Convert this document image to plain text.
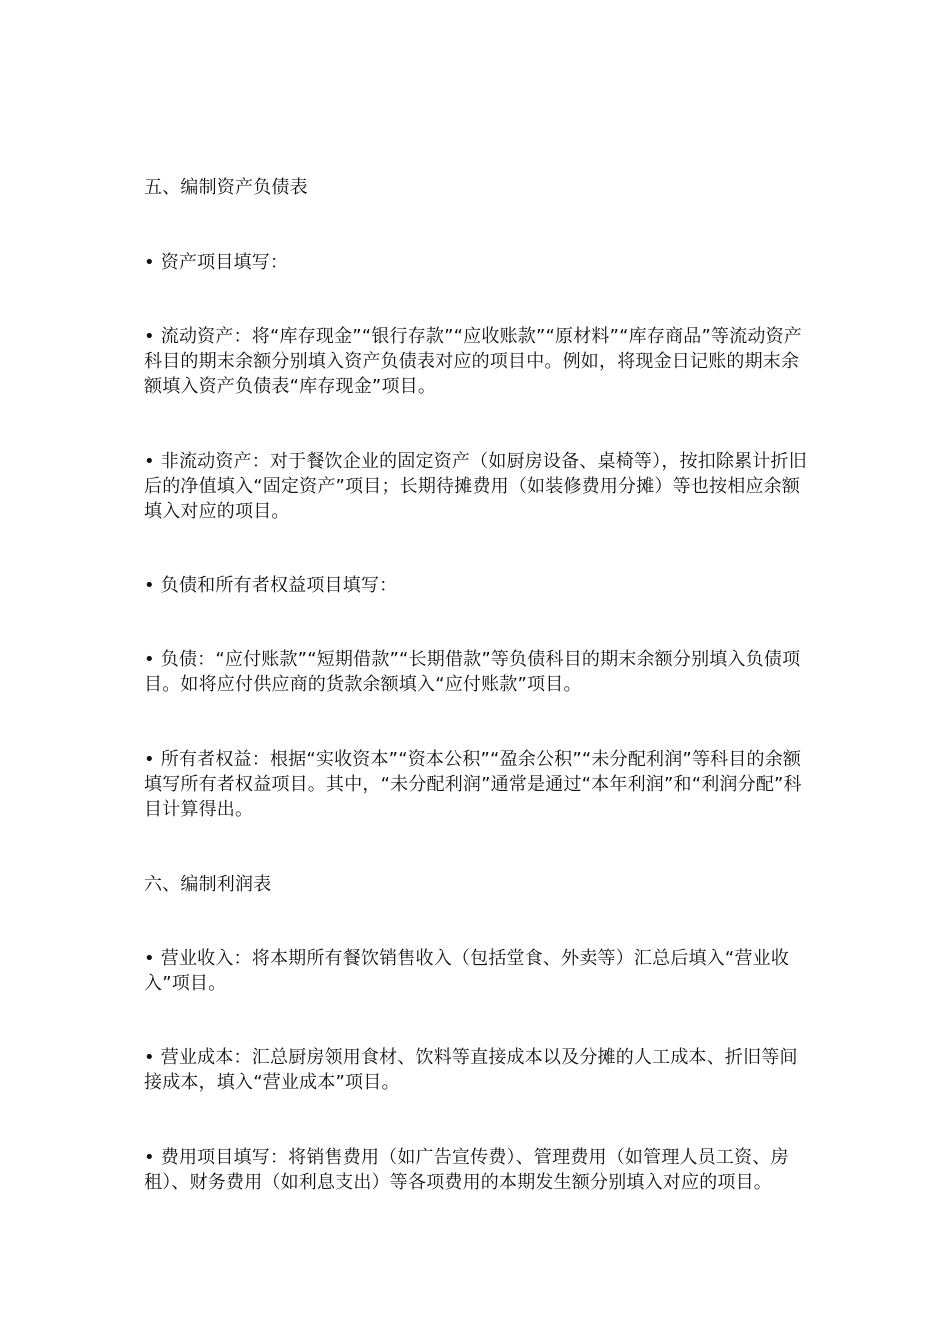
五、编制资产负债表

• 资产项目填写：

• 流动资产：将“库存现金”“银行存款”“应收账款”“原材料”“库存商品”等流动资产科目的期末余额分别填入资产负债表对应的项目中。例如，将现金日记账的期末余额填入资产负债表“库存现金”项目。

• 非流动资产：对于餐饮企业的固定资产（如厨房设备、桌椅等），按扣除累计折旧后的净值填入“固定资产”项目；长期待摊费用（如装修费用分摊）等也按相应余额填入对应的项目。

• 负债和所有者权益项目填写：

• 负债：“应付账款”“短期借款”“长期借款”等负债科目的期末余额分别填入负债项目。如将应付供应商的货款余额填入“应付账款”项目。

• 所有者权益：根据“实收资本”“资本公积”“盈余公积”“未分配利润”等科目的余额填写所有者权益项目。其中，“未分配利润”通常是通过“本年利润”和“利润分配”科目计算得出。

六、编制利润表

• 营业收入：将本期所有餐饮销售收入（包括堂食、外卖等）汇总后填入“营业收入”项目。

• 营业成本：汇总厨房领用食材、饮料等直接成本以及分摊的人工成本、折旧等间接成本，填入“营业成本”项目。

• 费用项目填写：将销售费用（如广告宣传费）、管理费用（如管理人员工资、房租）、财务费用（如利息支出）等各项费用的本期发生额分别填入对应的项目。
